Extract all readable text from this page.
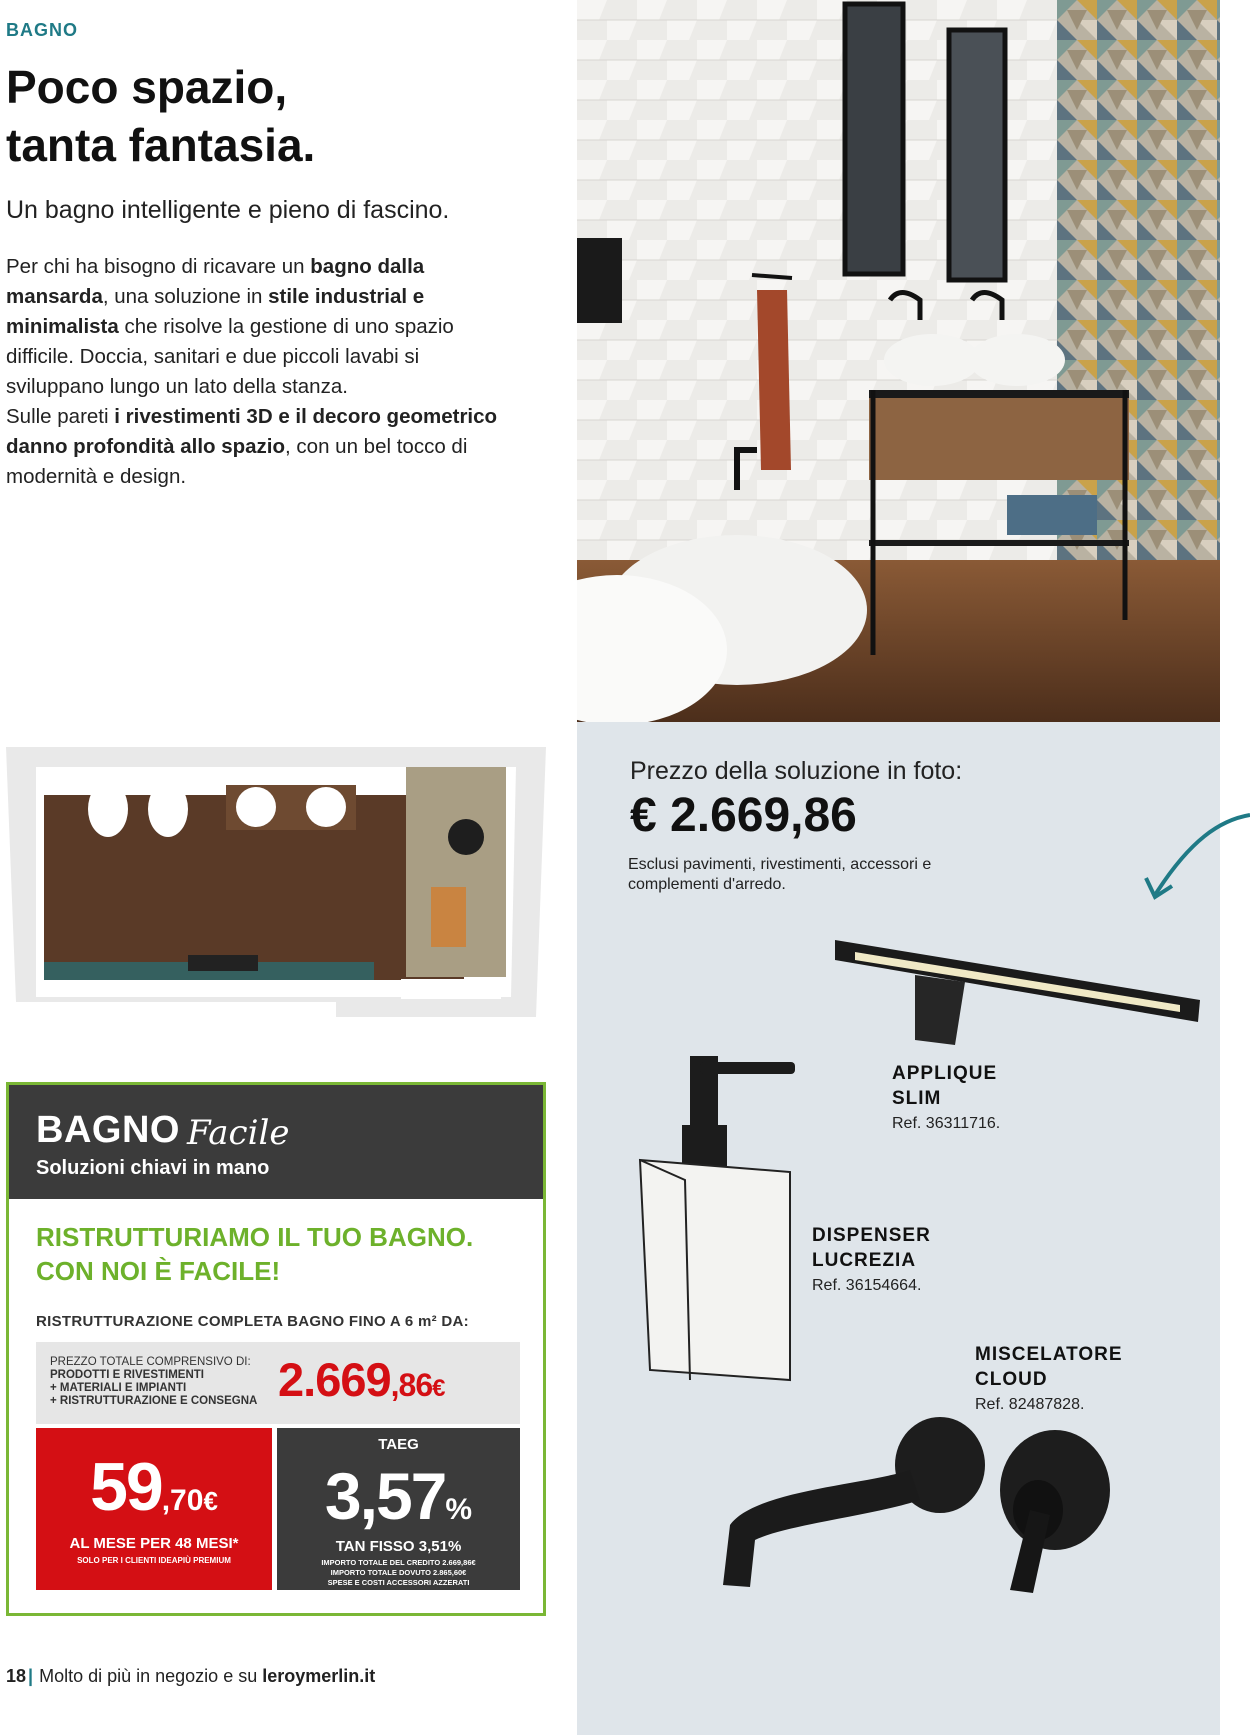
BAGNO
Poco spazio,
tanta fantasia.
Un bagno intelligente e pieno di fascino.
Per chi ha bisogno di ricavare un bagno dalla mansarda, una soluzione in stile industrial e minimalista che risolve la gestione di uno spazio difficile. Doccia, sanitari e due piccoli lavabi si sviluppano lungo un lato della stanza.
Sulle pareti i rivestimenti 3D e il decoro geometrico danno profondità allo spazio, con un bel tocco di modernità e design.
Prezzo della soluzione in foto:
€ 2.669,86
Esclusi pavimenti, rivestimenti, accessori e complementi d'arredo.
APPLIQUE
SLIM
Ref. 36311716.
DISPENSER
LUCREZIA
Ref. 36154664.
MISCELATORE
CLOUD
Ref. 82487828.
BAGNO Facile
Soluzioni chiavi in mano
RISTRUTTURIAMO IL TUO BAGNO.
CON NOI È FACILE!
RISTRUTTURAZIONE COMPLETA BAGNO FINO A 6 m² DA:
PREZZO TOTALE COMPRENSIVO DI:
PRODOTTI E RIVESTIMENTI
+ MATERIALI E IMPIANTI
+ RISTRUTTURAZIONE E CONSEGNA 2.669,86€
59,70€
AL MESE PER 48 MESI*
SOLO PER I CLIENTI IDEAPIÙ PREMIUM
TAEG
3,57%
TAN FISSO 3,51%
IMPORTO TOTALE DEL CREDITO 2.669,86€
IMPORTO TOTALE DOVUTO 2.865,60€
SPESE E COSTI ACCESSORI AZZERATI
18 | Molto di più in negozio e su leroymerlin.it
